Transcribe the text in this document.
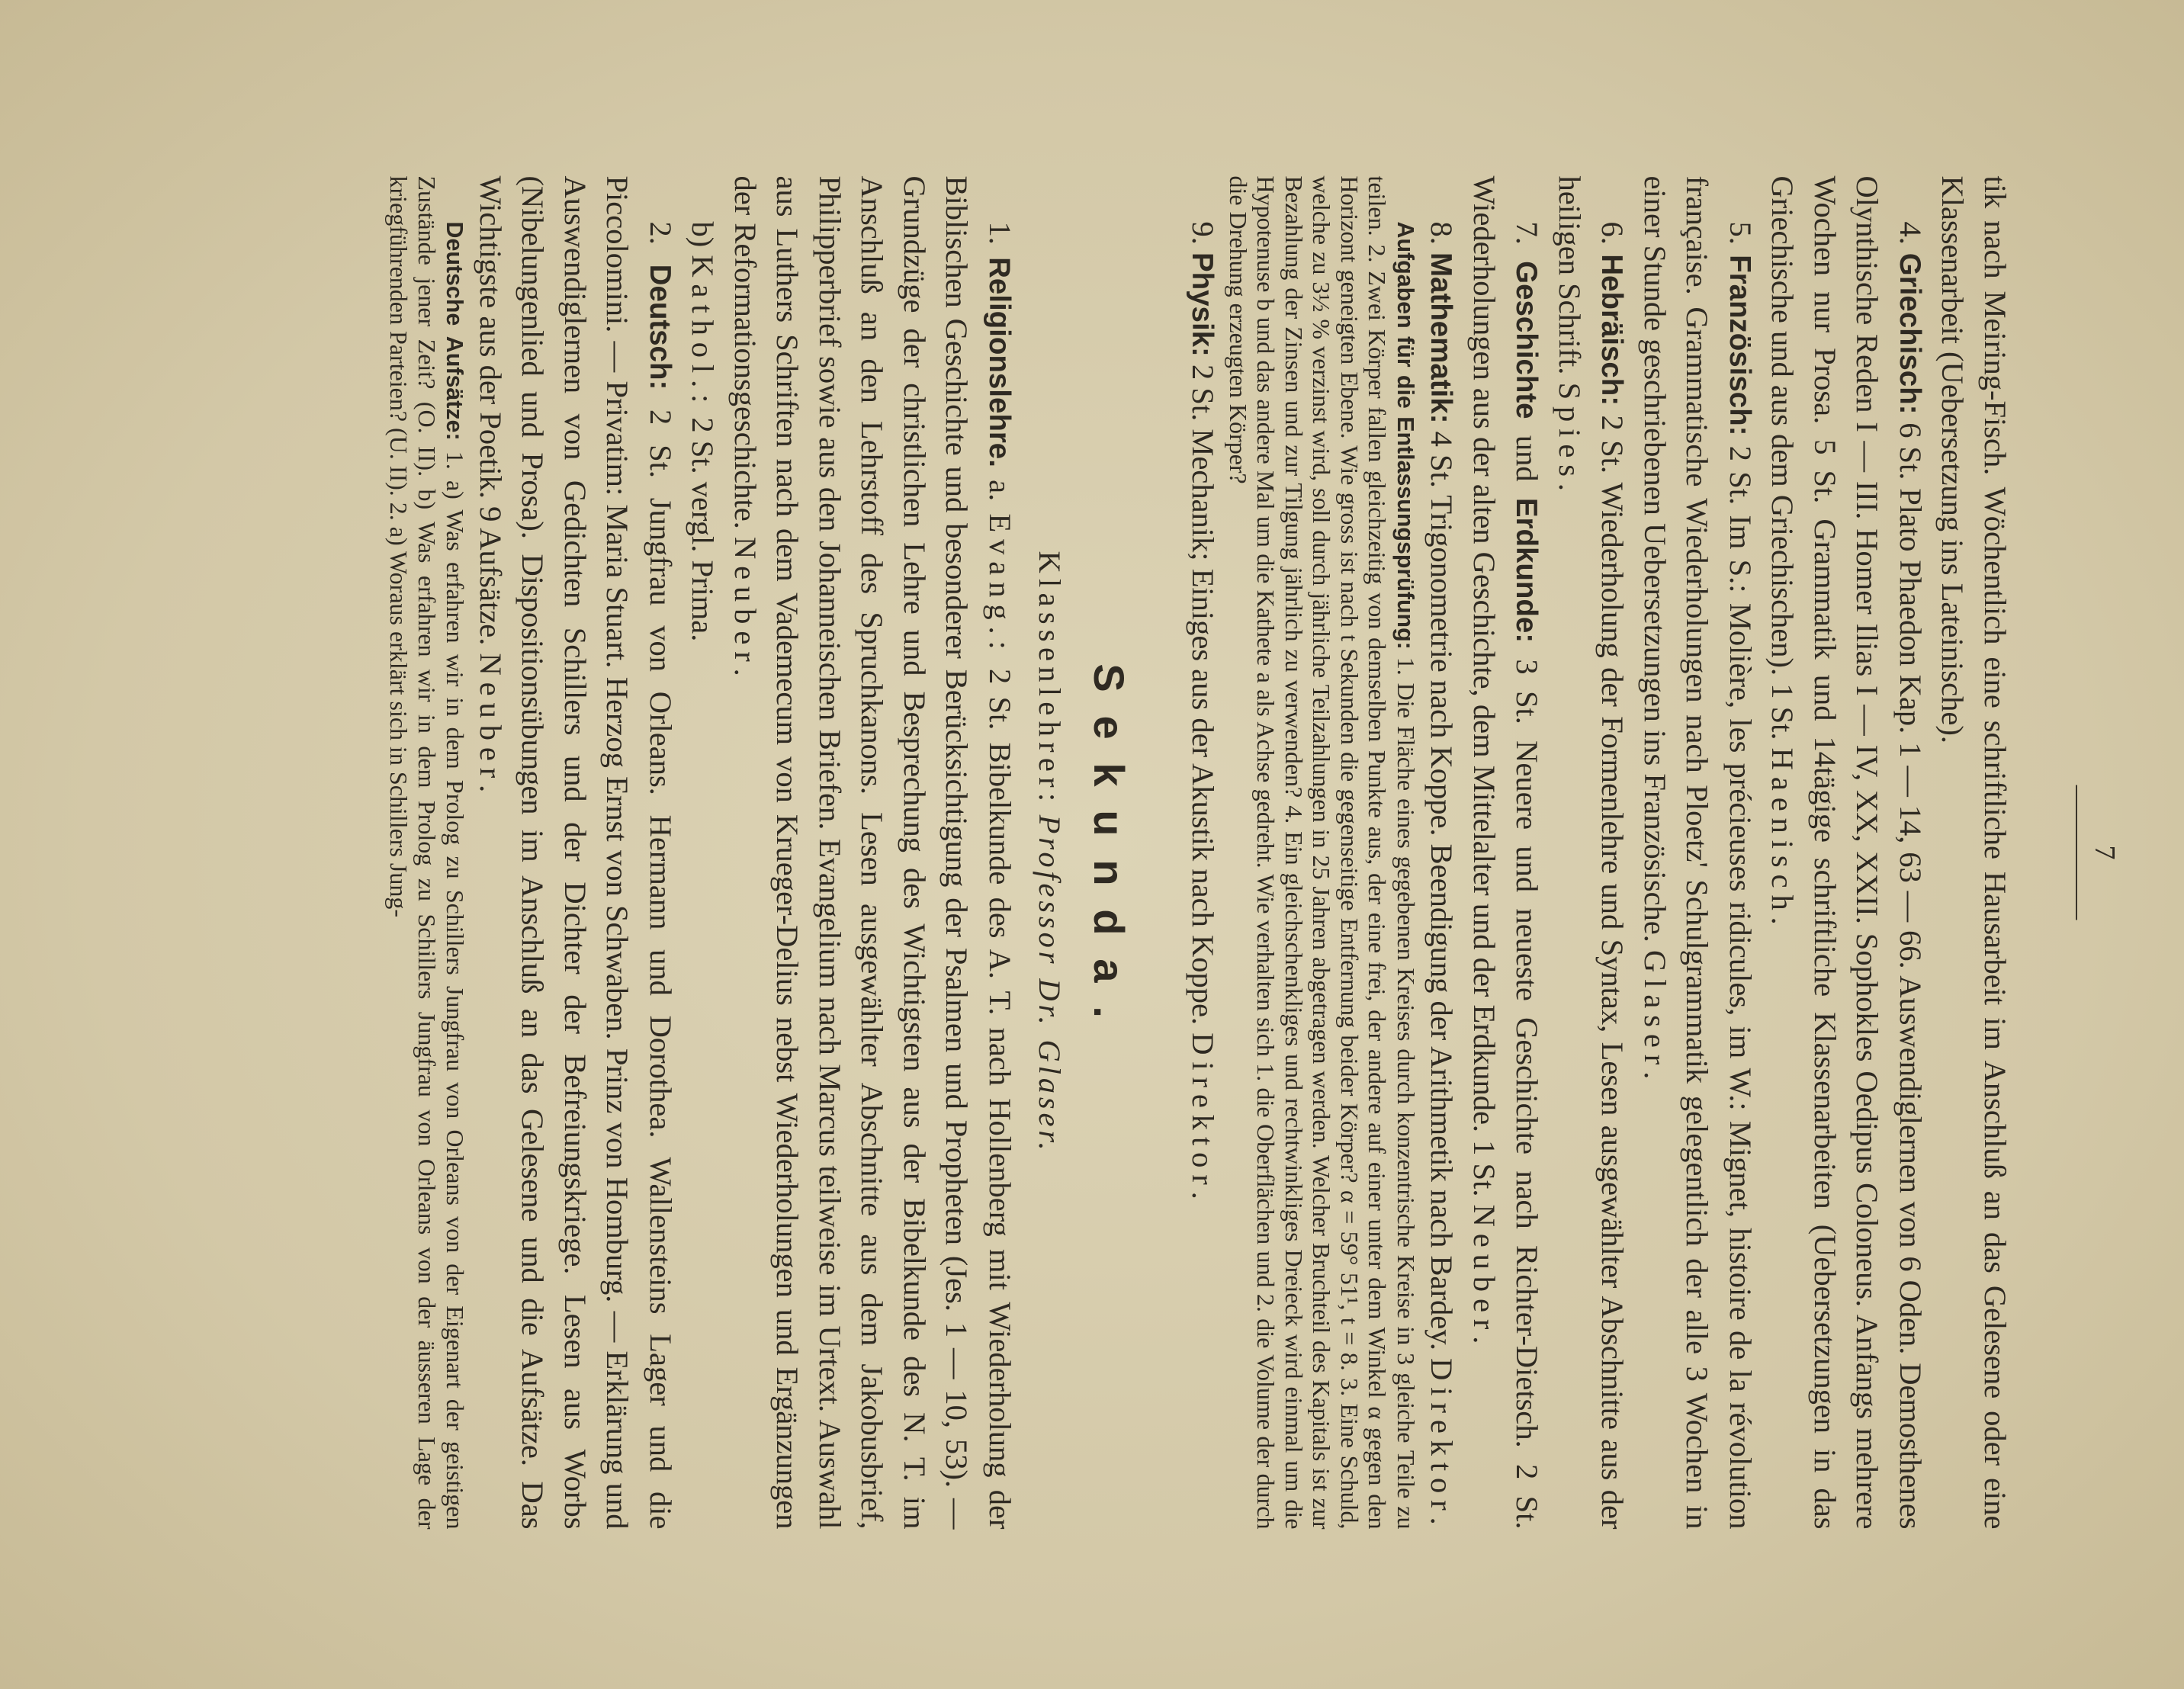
7

tik nach Meiring-Fisch. Wöchentlich eine schriftliche Hausarbeit im Anschluß an das Gelesene oder eine Klassenarbeit (Uebersetzung ins Lateinische).

4. Griechisch: 6 St. Plato Phaedon Kap. 1 — 14, 63 — 66. Auswendiglernen von 6 Oden. Demosthenes Olynthische Reden I — III. Homer Ilias I — IV, XX, XXII. Sophokles Oedipus Coloneus. Anfangs mehrere Wochen nur Prosa. 5 St. Grammatik und 14tägige schriftliche Klassenarbeiten (Uebersetzungen in das Griechische und aus dem Griechischen). 1 St. Haenisch.

5. Französisch: 2 St. Im S.: Molière, les précieuses ridicules, im W.: Mignet, histoire de la révolution française. Grammatische Wiederholungen nach Ploetz' Schulgrammatik gelegentlich der alle 3 Wochen in einer Stunde geschriebenen Uebersetzungen ins Französische. Glaser.

6. Hebräisch: 2 St. Wiederholung der Formenlehre und Syntax, Lesen ausgewählter Abschnitte aus der heiligen Schrift. Spies.

7. Geschichte und Erdkunde: 3 St. Neuere und neueste Geschichte nach Richter-Dietsch. 2 St. Wiederholungen aus der alten Geschichte, dem Mittelalter und der Erdkunde. 1 St. Neuber.

8. Mathematik: 4 St. Trigonometrie nach Koppe. Beendigung der Arithmetik nach Bardey. Direktor.

Aufgaben für die Entlassungsprüfung: 1. Die Fläche eines gegebenen Kreises durch konzentrische Kreise in 3 gleiche Teile zu teilen. 2. Zwei Körper fallen gleichzeitig von demselben Punkte aus, der eine frei, der andere auf einer unter dem Winkel α gegen den Horizont geneigten Ebene. Wie gross ist nach t Sekunden die gegenseitige Entfernung beider Körper? α = 59° 51¹, t = 8. 3. Eine Schuld, welche zu 3½ % verzinst wird, soll durch jährliche Teilzahlungen in 25 Jahren abgetragen werden. Welcher Bruchteil des Kapitals ist zur Bezahlung der Zinsen und zur Tilgung jährlich zu verwenden? 4. Ein gleichschenkliges und rechtwinkliges Dreieck wird einmal um die Hypotenuse b und das andere Mal um die Kathete a als Achse gedreht. Wie verhalten sich 1. die Oberflächen und 2. die Volume der durch die Drehung erzeugten Körper?

9. Physik: 2 St. Mechanik; Einiges aus der Akustik nach Koppe. Direktor.

Sekunda.
Klassenlehrer: Professor Dr. Glaser.

1. Religionslehre. a. Evang.: 2 St. Bibelkunde des A. T. nach Hollenberg mit Wiederholung der Biblischen Geschichte und besonderer Berücksichtigung der Psalmen und Propheten (Jes. 1 — 10, 53). — Grundzüge der christlichen Lehre und Besprechung des Wichtigsten aus der Bibelkunde des N. T. im Anschluß an den Lehrstoff des Spruchkanons. Lesen ausgewählter Abschnitte aus dem Jakobusbrief, Philipperbrief sowie aus den Johanneischen Briefen. Evangelium nach Marcus teilweise im Urtext. Auswahl aus Luthers Schriften nach dem Vademecum von Krueger-Delius nebst Wiederholungen und Ergänzungen der Reformationsgeschichte. Neuber.

b) Kathol.: 2 St. vergl. Prima.

2. Deutsch: 2 St. Jungfrau von Orleans. Hermann und Dorothea. Wallensteins Lager und die Piccolomini. — Privatim: Maria Stuart. Herzog Ernst von Schwaben. Prinz von Homburg. — Erklärung und Auswendiglernen von Gedichten Schillers und der Dichter der Befreiungskriege. Lesen aus Worbs (Nibelungenlied und Prosa). Dispositionsübungen im Anschluß an das Gelesene und die Aufsätze. Das Wichtigste aus der Poetik. 9 Aufsätze. Neuber.

Deutsche Aufsätze: 1. a) Was erfahren wir in dem Prolog zu Schillers Jungfrau von Orleans von der Eigenart der geistigen Zustände jener Zeit? (O. II). b) Was erfahren wir in dem Prolog zu Schillers Jungfrau von Orleans von der äusseren Lage der kriegführenden Parteien? (U. II). 2. a) Woraus erklärt sich in Schillers Jung-
